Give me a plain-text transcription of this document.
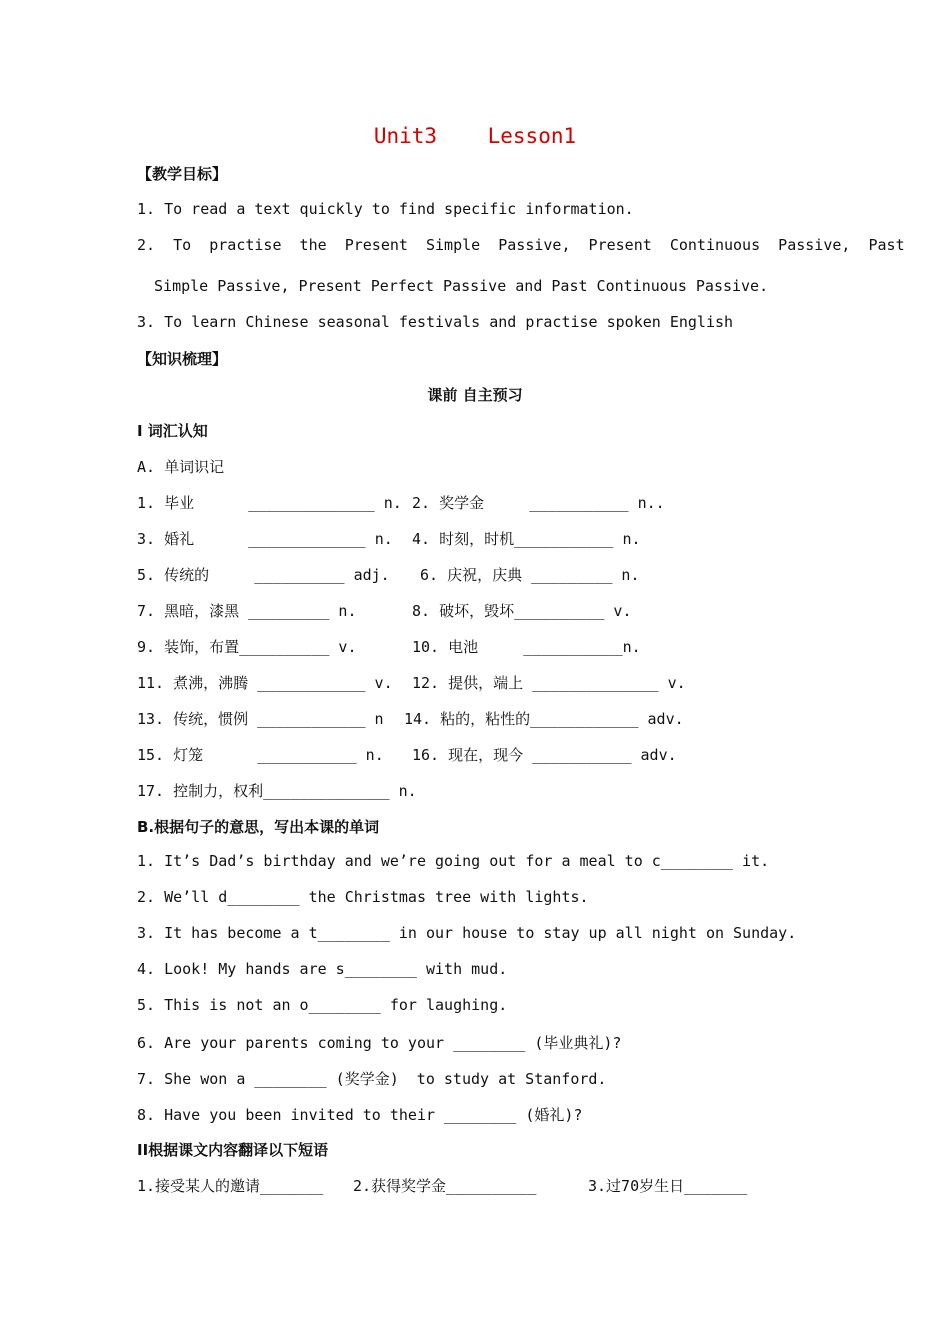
Unit3    Lesson1
【教学目标】
1. To read a text quickly to find specific information.
2.  To  practise  the  Present  Simple  Passive,  Present  Continuous  Passive,  Past
Simple Passive, Present Perfect Passive and Past Continuous Passive.
3. To learn Chinese seasonal festivals and practise spoken English
【知识梳理】
课前 自主预习
I 词汇认知
A. 单词识记
1. 毕业      ______________ n. 2. 奖学金     ___________ n..
3. 婚礼      _____________ n. 4. 时刻，时机___________ n.
5. 传统的     __________ adj. 6. 庆祝，庆典 _________ n.
7. 黑暗，漆黑 _________ n.	8. 破坏，毁坏__________ v.
9. 装饰，布置__________ v.	10. 电池     ___________n.
11. 煮沸，沸腾 ____________ v. 12. 提供，端上 ______________ v.
13. 传统，惯例 ____________ n 14. 粘的，粘性的____________ adv.
15. 灯笼      ___________ n. 16. 现在，现今 ___________ adv.
17. 控制力，权利______________ n.
B.根据句子的意思，写出本课的单词
1. It’s Dad’s birthday and we’re going out for a meal to c________ it.
2. We’ll d________ the Christmas tree with lights.
3. It has become a t________ in our house to stay up all night on Sunday.
4. Look! My hands are s________ with mud.
5. This is not an o________ for laughing.
6. Are your parents coming to your ________ (毕业典礼)?
7. She won a ________ (奖学金)  to study at Stanford.
8. Have you been invited to their ________ (婚礼)?
II根据课文内容翻译以下短语
1.接受某人的邀请_______ 2.获得奖学金__________	3.过70岁生日_______
